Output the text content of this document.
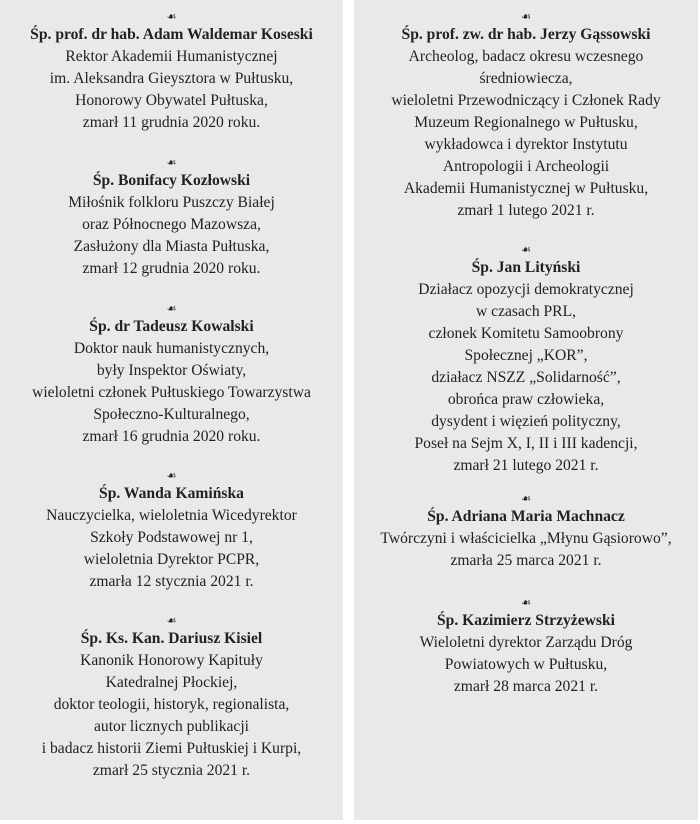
☙
Śp. prof. dr hab. Adam Waldemar Koseski
Rektor Akademii Humanistycznej
im. Aleksandra Gieysztora w Pułtusku,
Honorowy Obywatel Pułtuska,
zmarł 11 grudnia 2020 roku.
☙
Śp. Bonifacy Kozłowski
Miłośnik folkloru Puszczy Białej
oraz Północnego Mazowsza,
Zasłużony dla Miasta Pułtuska,
zmarł 12 grudnia 2020 roku.
☙
Śp. dr Tadeusz Kowalski
Doktor nauk humanistycznych,
były Inspektor Oświaty,
wieloletni członek Pułtuskiego Towarzystwa
Społeczno-Kulturalnego,
zmarł 16 grudnia 2020 roku.
☙
Śp. Wanda Kamińska
Nauczycielka, wieloletnia Wicedyrektor
Szkoły Podstawowej nr 1,
wieloletnia Dyrektor PCPR,
zmarła 12 stycznia 2021 r.
☙
Śp. Ks. Kan. Dariusz Kisiel
Kanonik Honorowy Kapituły
Katedralnej Płockiej,
doktor teologii, historyk, regionalista,
autor licznych publikacji
i badacz historii Ziemi Pułtuskiej i Kurpi,
zmarł 25 stycznia 2021 r.
☙
Śp. prof. zw. dr hab. Jerzy Gąssowski
Archeolog, badacz okresu wczesnego
średniowiecza,
wieloletni Przewodniczący i Członek Rady
Muzeum Regionalnego w Pułtusku,
wykładowca i dyrektor Instytutu
Antropologii i Archeologii
Akademii Humanistycznej w Pułtusku,
zmarł 1 lutego 2021 r.
☙
Śp. Jan Lityński
Działacz opozycji demokratycznej
w czasach PRL,
członek Komitetu Samoobrony
Społecznej „KOR”,
działacz NSZZ „Solidarność”,
obrońca praw człowieka,
dysydent i więzień polityczny,
Poseł na Sejm X, I, II i III kadencji,
zmarł 21 lutego 2021 r.
☙
Śp. Adriana Maria Machnacz
Twórczyni i właścicielka „Młynu Gąsiorowo”,
zmarła 25 marca 2021 r.
☙
Śp. Kazimierz Strzyżewski
Wieloletni dyrektor Zarządu Dróg
Powiatowych w Pułtusku,
zmarł 28 marca 2021 r.
